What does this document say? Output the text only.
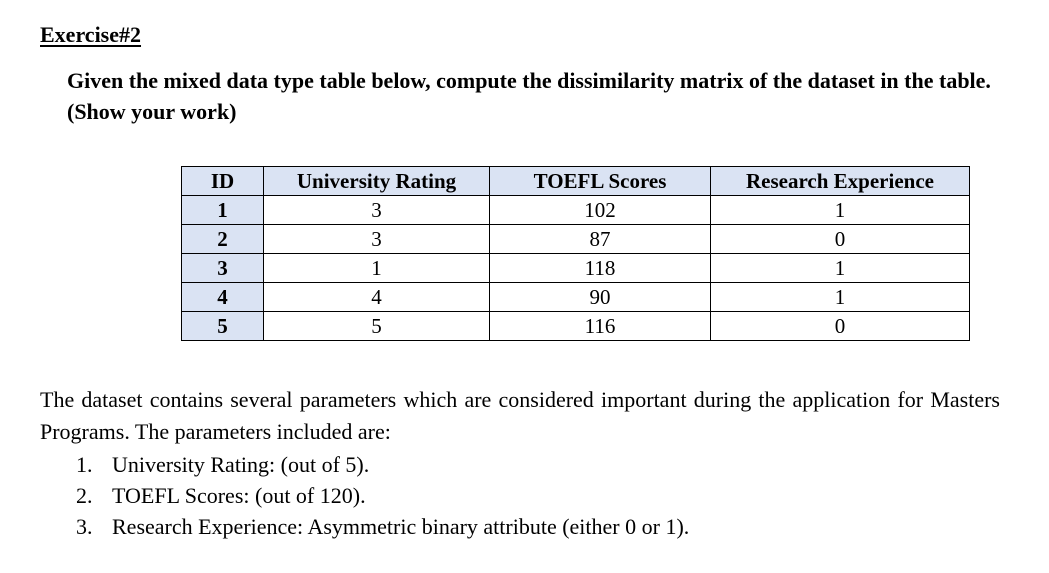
Exercise#2
Given the mixed data type table below, compute the dissimilarity matrix of the dataset in the table. (Show your work)
ID	University Rating	TOEFL Scores	Research Experience
1	3	102	1
2	3	87	0
3	1	118	1
4	4	90	1
5	5	116	0

The dataset contains several parameters which are considered important during the application for Masters Programs. The parameters included are:

1. University Rating: (out of 5).
2. TOEFL Scores: (out of 120).
3. Research Experience: Asymmetric binary attribute (either 0 or 1).
